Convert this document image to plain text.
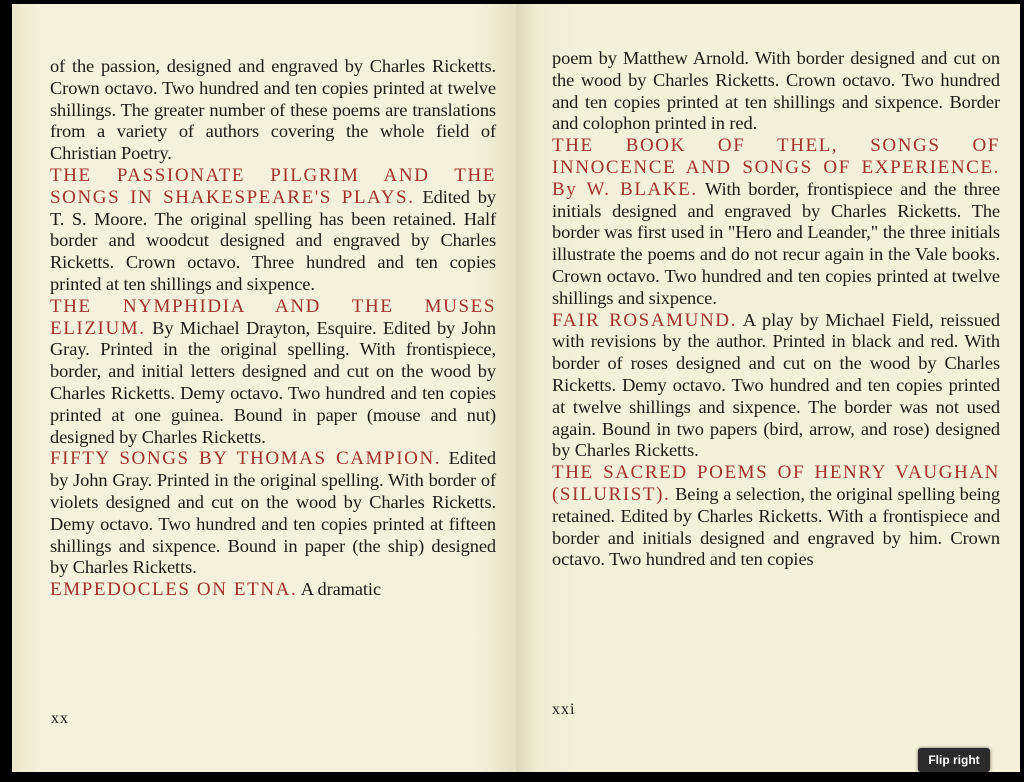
of the passion, designed and engraved by Charles Ricketts. Crown octavo. Two hundred and ten copies printed at twelve shillings. The greater number of these poems are translations from a variety of authors covering the whole field of Christian Poetry.

THE PASSIONATE PILGRIM AND THE SONGS IN SHAKESPEARE'S PLAYS. Edited by T. S. Moore. The original spelling has been retained. Half border and woodcut designed and engraved by Charles Ricketts. Crown octavo. Three hundred and ten copies printed at ten shillings and sixpence.

THE NYMPHIDIA AND THE MUSES ELIZIUM. By Michael Drayton, Esquire. Edited by John Gray. Printed in the original spelling. With frontispiece, border, and initial letters designed and cut on the wood by Charles Ricketts. Demy octavo. Two hundred and ten copies printed at one guinea. Bound in paper (mouse and nut) designed by Charles Ricketts.

FIFTY SONGS BY THOMAS CAMPION. Edited by John Gray. Printed in the original spelling. With border of violets designed and cut on the wood by Charles Ricketts. Demy octavo. Two hundred and ten copies printed at fifteen shillings and sixpence. Bound in paper (the ship) designed by Charles Ricketts.

EMPEDOCLES ON ETNA. A dramatic

xx

poem by Matthew Arnold. With border designed and cut on the wood by Charles Ricketts. Crown octavo. Two hundred and ten copies printed at ten shillings and sixpence. Border and colophon printed in red.

THE BOOK OF THEL, SONGS OF INNOCENCE AND SONGS OF EXPERIENCE. By W. BLAKE. With border, frontispiece and the three initials designed and engraved by Charles Ricketts. The border was first used in "Hero and Leander," the three initials illustrate the poems and do not recur again in the Vale books. Crown octavo. Two hundred and ten copies printed at twelve shillings and sixpence.

FAIR ROSAMUND. A play by Michael Field, reissued with revisions by the author. Printed in black and red. With border of roses designed and cut on the wood by Charles Ricketts. Demy octavo. Two hundred and ten copies printed at twelve shillings and sixpence. The border was not used again. Bound in two papers (bird, arrow, and rose) designed by Charles Ricketts.

THE SACRED POEMS OF HENRY VAUGHAN (SILURIST). Being a selection, the original spelling being retained. Edited by Charles Ricketts. With a frontispiece and border and initials designed and engraved by him. Crown octavo. Two hundred and ten copies

xxi
Flip right
